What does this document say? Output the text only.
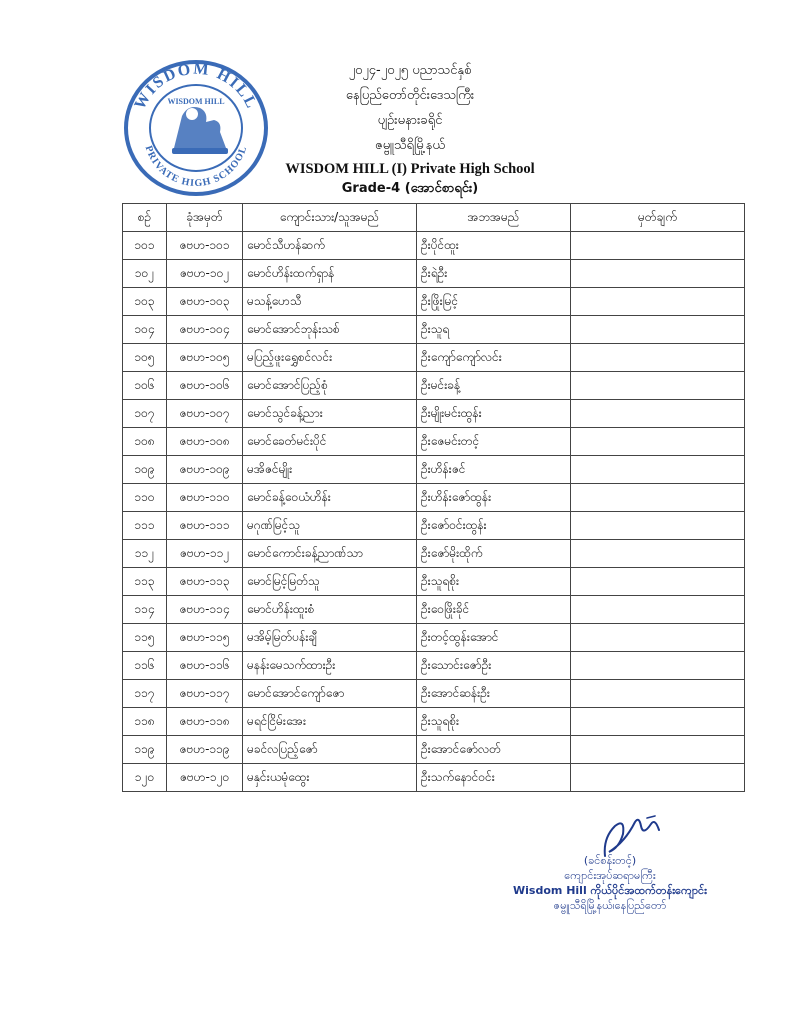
WISDOM HILL
PRIVATE HIGH SCHOOL
WISDOM HILL
၂၀၂၄-၂၀၂၅ ပညာသင်နှစ်
နေပြည်တော်တိုင်းဒေသကြီး
ပျဉ်းမနားခရိုင်
ဇမ္ဗူသီရိမြို့နယ်
WISDOM HILL (I) Private High School
Grade-4 (အောင်စာရင်း)
စဉ်	ခုံအမှတ်	ကျောင်းသား/သူအမည်	အဘအမည်	မှတ်ချက်
၁၀၁	ဇဗဟ-၁၀၁	မောင်သီဟန်ဆက်	ဦးပိုင်ထူး	
၁၀၂	ဇဗဟ-၁၀၂	မောင်ဟိန်းထက်ရှာန်	ဦးရဲဦး	
၁၀၃	ဇဗဟ-၁၀၃	မသန့်ဟေသီ	ဦးဖြိုးမြင့်	
၁၀၄	ဇဗဟ-၁၀၄	မောင်အောင်ဘုန်းသစ်	ဦးသူရ	
၁၀၅	ဇဗဟ-၁၀၅	မပြည့်ဖူးရွှေစင်လင်း	ဦးကျော်ကျော်လင်း	
၁၀၆	ဇဗဟ-၁၀၆	မောင်အောင်ပြည့်စုံ	ဦးမင်းခန့်	
၁၀၇	ဇဗဟ-၁၀၇	မောင်သွင်ခန့်ညား	ဦးမျိုးမင်းထွန်း	
၁၀၈	ဇဗဟ-၁၀၈	မောင်ခေတ်မင်းပိုင်	ဦးဇေမင်းတင့်	
၁၀၉	ဇဗဟ-၁၀၉	မအိဇင်မျိုး	ဦးဟိန်းဇင်	
၁၁၀	ဇဗဟ-၁၁၀	မောင်ခန့်ဝေယံဟိန်း	ဦးဟိန်းဇော်ထွန်း	
၁၁၁	ဇဗဟ-၁၁၁	မဂုဏ်မြင့်သူ	ဦးဇော်ဝင်းထွန်း	
၁၁၂	ဇဗဟ-၁၁၂	မောင်ကောင်းခန့်ညာဏ်သာ	ဦးဇော်မိုးထိုက်	
၁၁၃	ဇဗဟ-၁၁၃	မောင်မြင့်မြတ်သူ	ဦးသူရစိုး	
၁၁၄	ဇဗဟ-၁၁၄	မောင်ဟိန်းထူးစံ	ဦးဝေဖြိုးခိုင်	
၁၁၅	ဇဗဟ-၁၁၅	မအိမ့်မြတ်ပန်းချီ	ဦးတင့်ထွန်းအောင်	
၁၁၆	ဇဗဟ-၁၁၆	မနန်းမေသက်ထားဦး	ဦးသောင်းဇော်ဦး	
၁၁၇	ဇဗဟ-၁၁၇	မောင်အောင်ကျော်ဇော	ဦးအောင်ဆန်းဦး	
၁၁၈	ဇဗဟ-၁၁၈	မရင်ငြိမ်းအေး	ဦးသူရစိုး	
၁၁၉	ဇဗဟ-၁၁၉	မခင်လပြည့်ဇော်	ဦးအောင်ဇော်လတ်	
၁၂၀	ဇဗဟ-၁၂၀	မနှင်းယမုံထွေး	ဦးသက်နောင်ဝင်း	
(ခင်စန်းတင့်)
ကျောင်းအုပ်ဆရာမကြီး
Wisdom Hill ကိုယ်ပိုင်အထက်တန်းကျောင်း
ဇမ္ဗူသီရိမြို့နယ်၊နေပြည်တော်
